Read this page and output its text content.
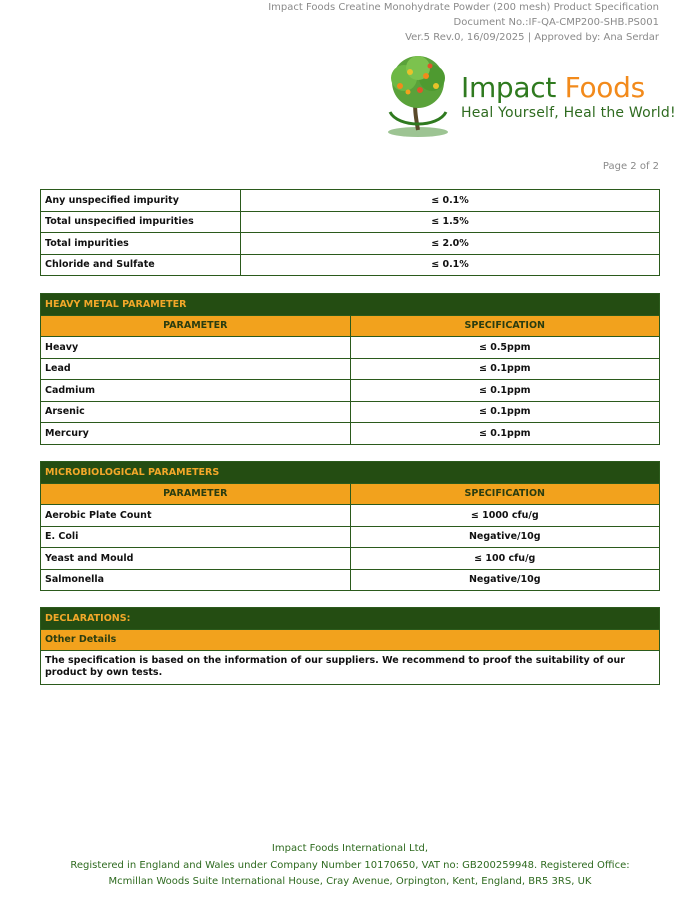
Impact Foods Creatine Monohydrate Powder (200 mesh) Product Specification
Document No.:IF-QA-CMP200-SHB.PS001
Ver.5 Rev.0, 16/09/2025 | Approved by: Ana Serdar
Impact Foods
Heal Yourself, Heal the World!
Page 2 of 2
Any unspecified impurity	≤ 0.1%
Total unspecified impurities	≤ 1.5%
Total impurities	≤ 2.0%
Chloride and Sulfate	≤ 0.1%
HEAVY METAL PARAMETER	
PARAMETER	SPECIFICATION
Heavy	≤ 0.5ppm
Lead	≤ 0.1ppm
Cadmium	≤ 0.1ppm
Arsenic	≤ 0.1ppm
Mercury	≤ 0.1ppm
MICROBIOLOGICAL PARAMETERS	
PARAMETER	SPECIFICATION
Aerobic Plate Count	≤ 1000 cfu/g
E. Coli	Negative/10g
Yeast and Mould	≤ 100 cfu/g
Salmonella	Negative/10g
DECLARATIONS:
Other Details
The specification is based on the information of our suppliers. We recommend to proof the suitability of our product by own tests.
Impact Foods International Ltd,
Registered in England and Wales under Company Number 10170650, VAT no: GB200259948. Registered Office:
Mcmillan Woods Suite International House, Cray Avenue, Orpington, Kent, England, BR5 3RS, UK
